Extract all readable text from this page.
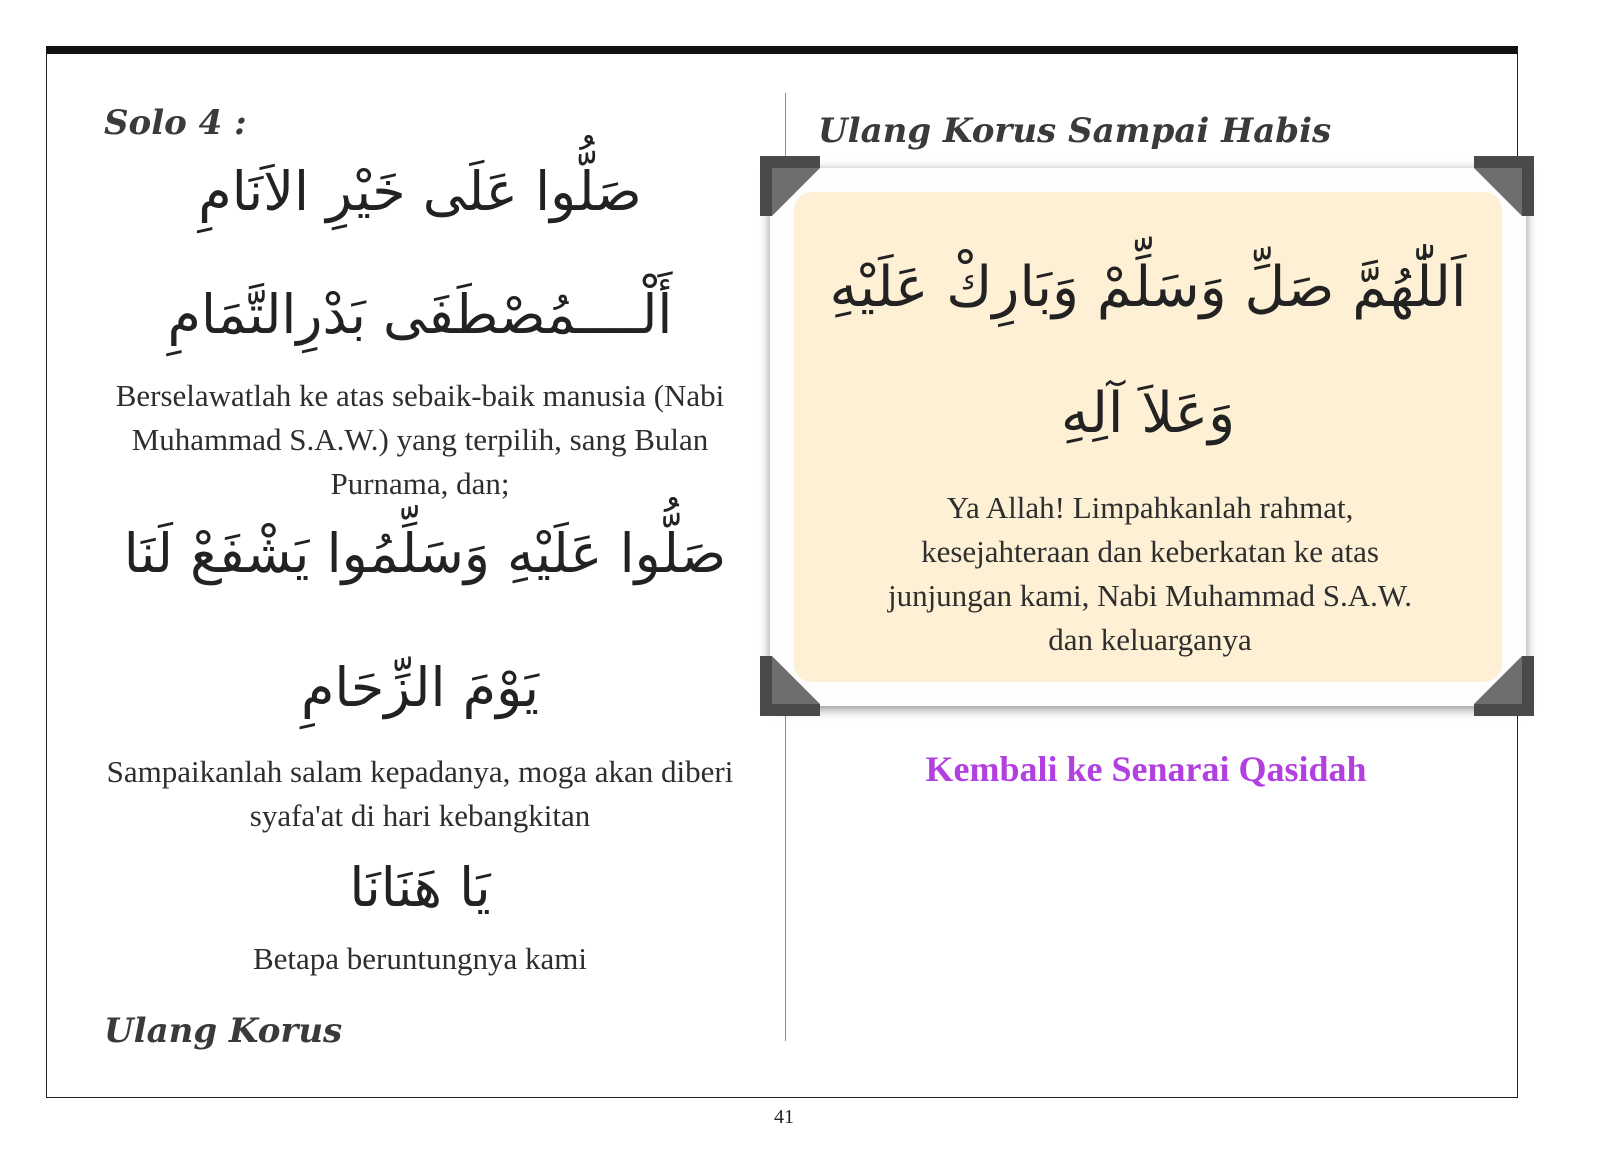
Solo 4 :

صَلُّوا عَلَى خَيْرِ الاَنَامِ

أَلْــــمُصْطَفَى بَدْرِالتَّمَامِ

Berselawatlah ke atas sebaik-baik manusia (Nabi Muhammad S.A.W.) yang terpilih, sang Bulan Purnama, dan;

صَلُّوا عَلَيْهِ وَسَلِّمُوا يَشْفَعْ لَنَا

يَوْمَ الزِّحَامِ

Sampaikanlah salam kepadanya, moga akan diberi syafa'at di hari kebangkitan

يَا هَنَانَا

Betapa beruntungnya kami

Ulang Korus
Ulang Korus Sampai Habis

اَللّٰهُمَّ صَلِّ وَسَلِّمْ وَبَارِكْ عَلَيْهِ

وَعَلاَ آلِهِ

Ya Allah! Limpahkanlah rahmat, kesejahteraan dan keberkatan ke atas junjungan kami, Nabi Muhammad S.A.W. dan keluarganya

Kembali ke Senarai Qasidah
41
